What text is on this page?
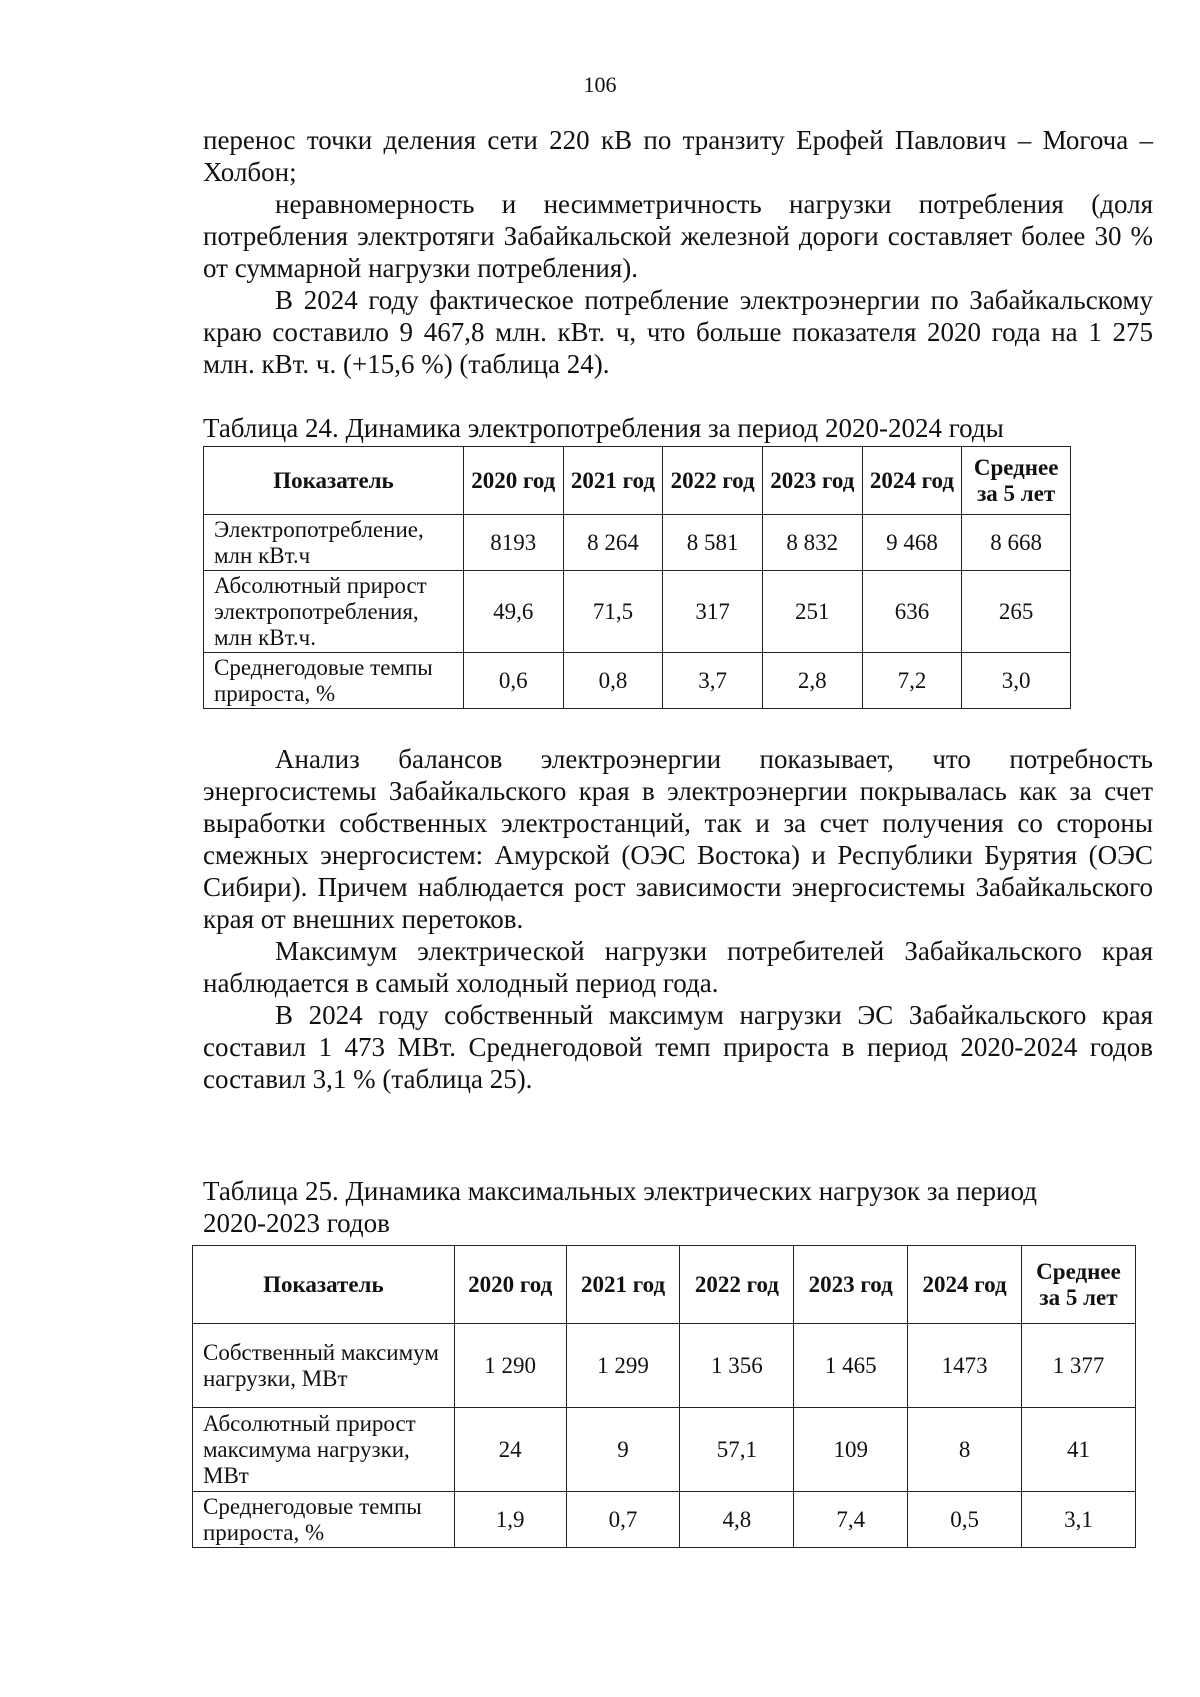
106

перенос точки деления сети 220 кВ по транзиту Ерофей Павлович – Могоча – Холбон;

неравномерность и несимметричность нагрузки потребления (доля потребления электротяги Забайкальской железной дороги составляет более 30 % от суммарной нагрузки потребления).

В 2024 году фактическое потребление электроэнергии по Забайкальскому краю составило 9 467,8 млн. кВт. ч, что больше показателя 2020 года на 1 275 млн. кВт. ч. (+15,6 %) (таблица 24).

Таблица 24. Динамика электропотребления за период 2020-2024 годы

Показатель	2020 год	2021 год	2022 год	2023 год	2024 год	Среднее за 5 лет
Электропотребление, млн кВт.ч	8193	8 264	8 581	8 832	9 468	8 668
Абсолютный прирост электропотребления, млн кВт.ч.	49,6	71,5	317	251	636	265
Среднегодовые темпы прироста, %	0,6	0,8	3,7	2,8	7,2	3,0

Анализ балансов электроэнергии показывает, что потребность энергосистемы Забайкальского края в электроэнергии покрывалась как за счет выработки собственных электростанций, так и за счет получения со стороны смежных энергосистем: Амурской (ОЭС Востока) и Республики Бурятия (ОЭС Сибири). Причем наблюдается рост зависимости энергосистемы Забайкальского края от внешних перетоков.

Максимум электрической нагрузки потребителей Забайкальского края наблюдается в самый холодный период года.

В 2024 году собственный максимум нагрузки ЭС Забайкальского края составил 1 473 МВт. Среднегодовой темп прироста в период 2020-2024 годов составил 3,1 % (таблица 25).

Таблица 25. Динамика максимальных электрических нагрузок за период 2020-2023 годов

Показатель	2020 год	2021 год	2022 год	2023 год	2024 год	Среднее за 5 лет
Собственный максимум нагрузки, МВт	1 290	1 299	1 356	1 465	1473	1 377
Абсолютный прирост максимума нагрузки, МВт	24	9	57,1	109	8	41
Среднегодовые темпы прироста, %	1,9	0,7	4,8	7,4	0,5	3,1
